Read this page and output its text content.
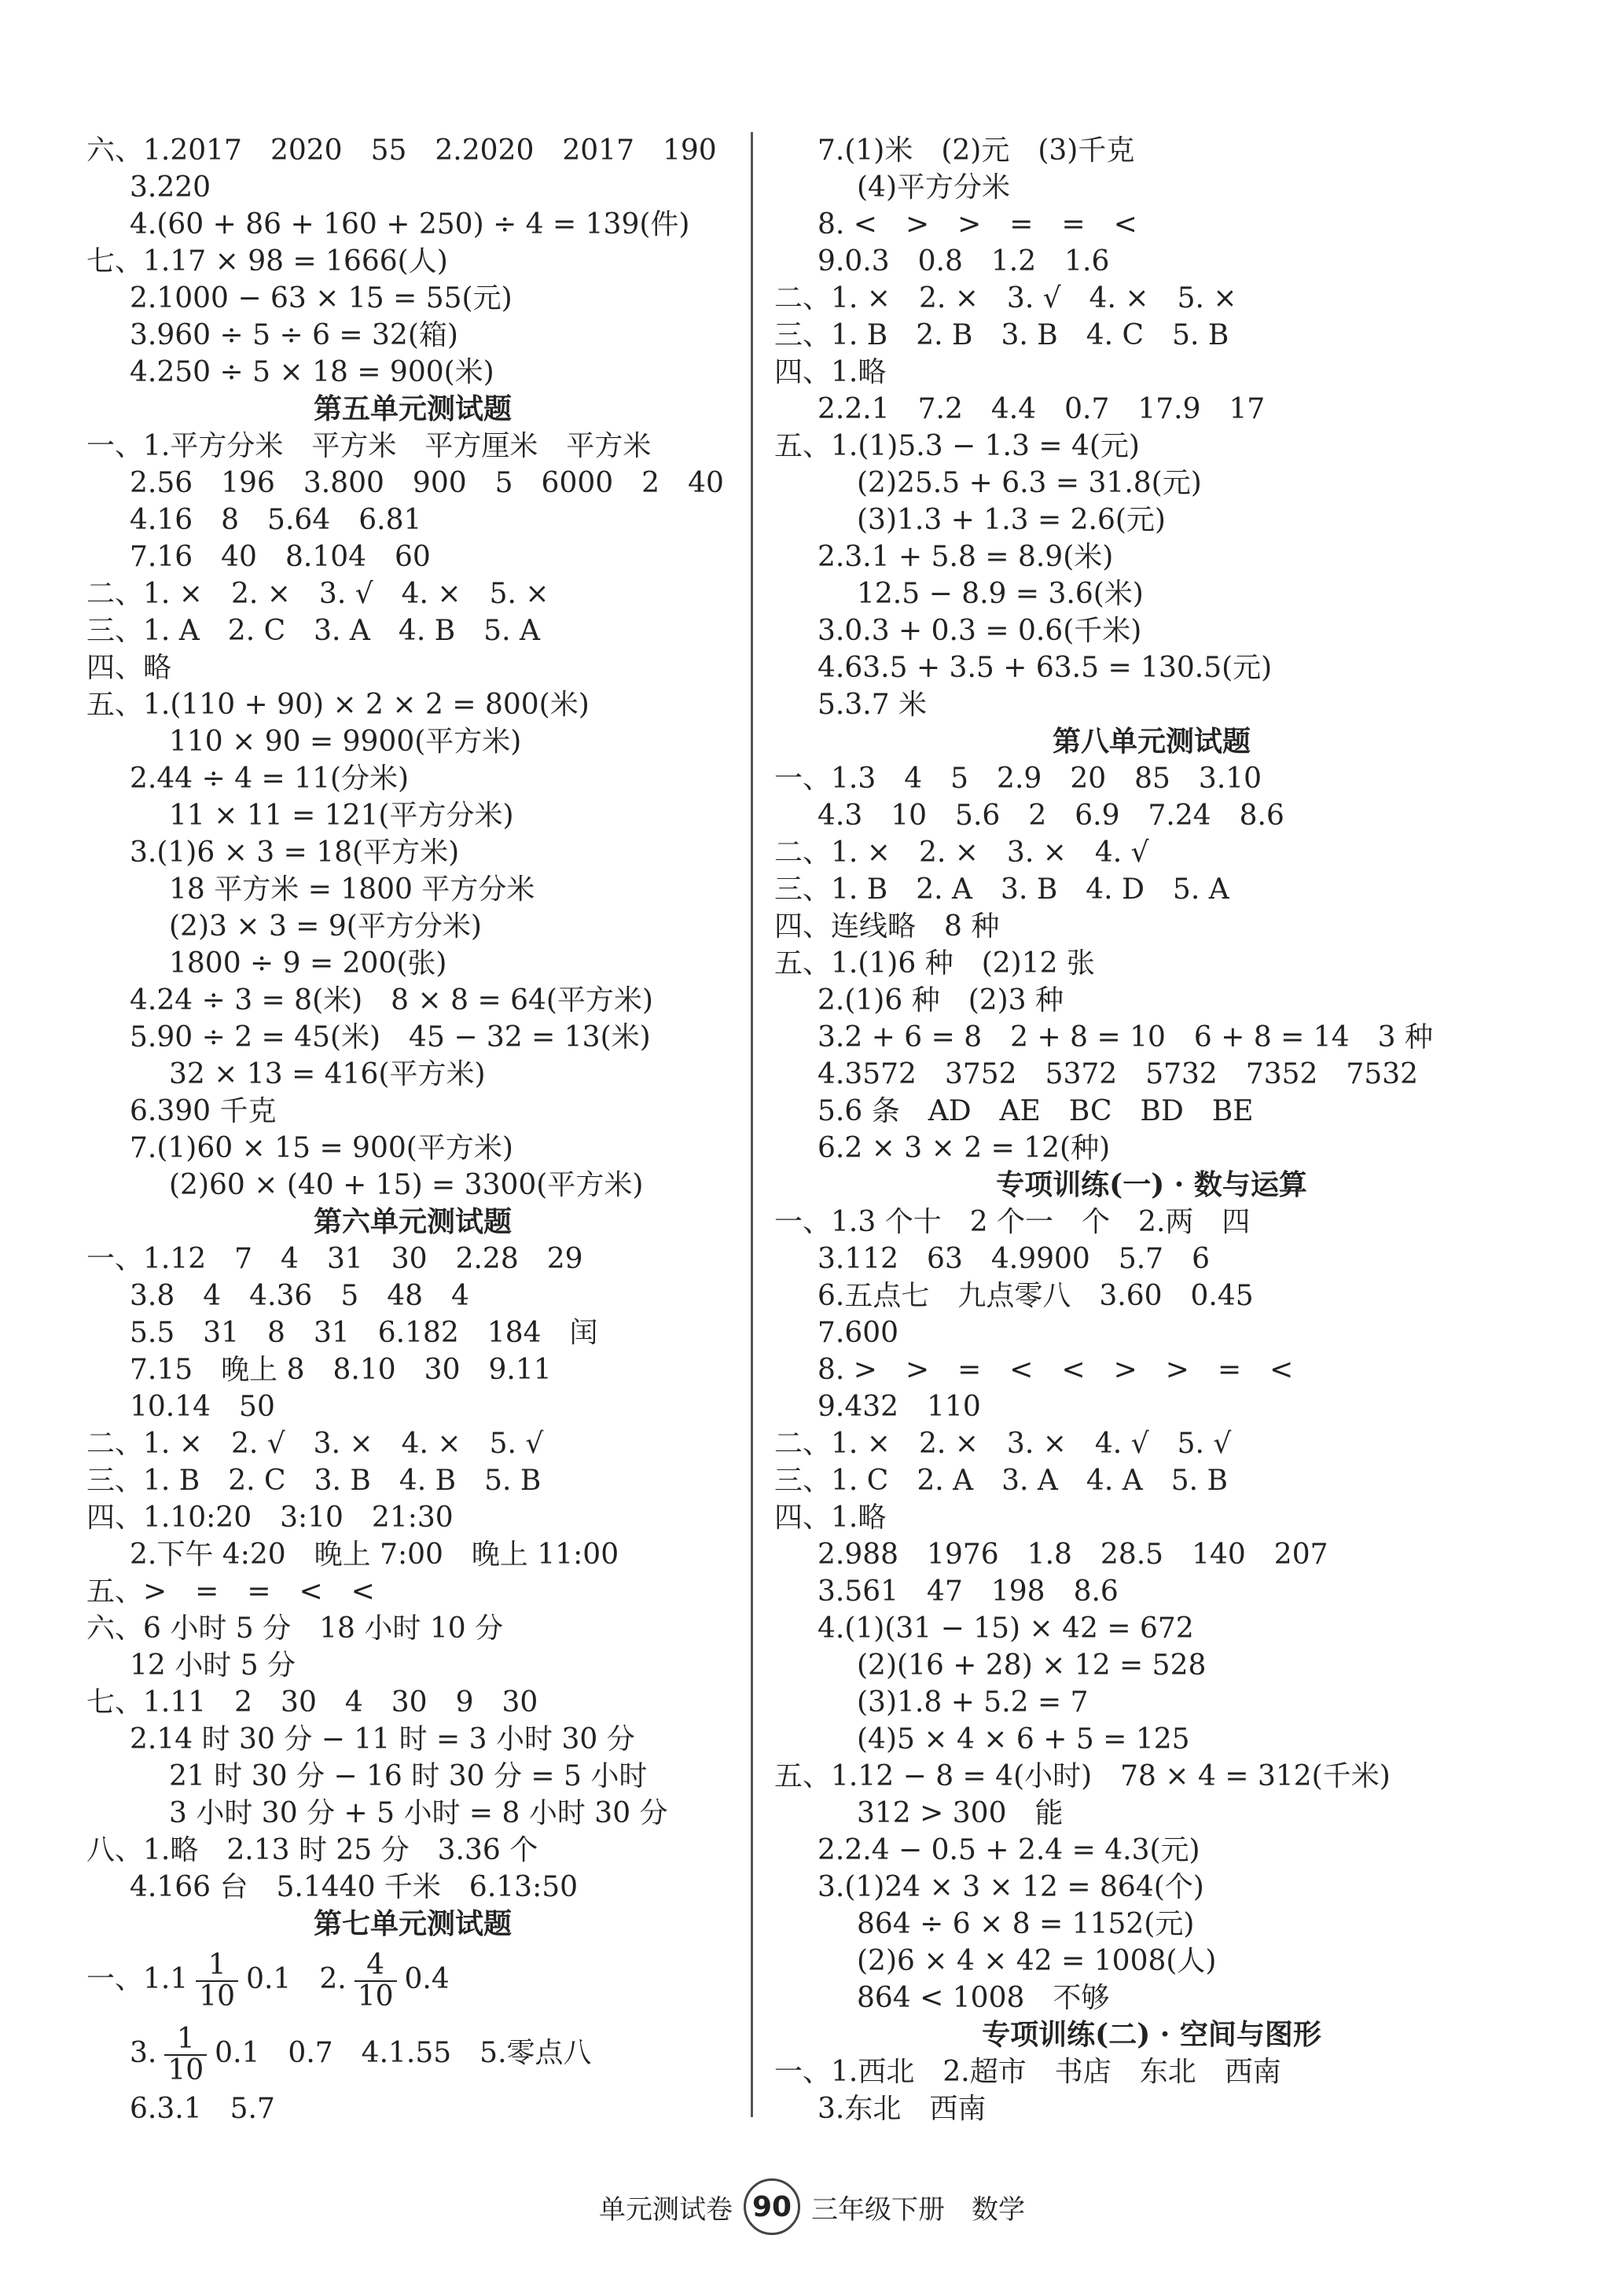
六、1.2017　2020　55　2.2020　2017　190
3.220
4.(60 + 86 + 160 + 250) ÷ 4 = 139(件)
七、1.17 × 98 = 1666(人)
2.1000 − 63 × 15 = 55(元)
3.960 ÷ 5 ÷ 6 = 32(箱)
4.250 ÷ 5 × 18 = 900(米)
第五单元测试题
一、1.平方分米　平方米　平方厘米　平方米
2.56　196　3.800　900　5　6000　2　40
4.16　8　5.64　6.81
7.16　40　8.104　60
二、1. ×　2. ×　3. √　4. ×　5. ×
三、1. A　2. C　3. A　4. B　5. A
四、略
五、1.(110 + 90) × 2 × 2 = 800(米)
110 × 90 = 9900(平方米)
2.44 ÷ 4 = 11(分米)
11 × 11 = 121(平方分米)
3.(1)6 × 3 = 18(平方米)
18 平方米 = 1800 平方分米
(2)3 × 3 = 9(平方分米)
1800 ÷ 9 = 200(张)
4.24 ÷ 3 = 8(米)　8 × 8 = 64(平方米)
5.90 ÷ 2 = 45(米)　45 − 32 = 13(米)
32 × 13 = 416(平方米)
6.390 千克
7.(1)60 × 15 = 900(平方米)
(2)60 × (40 + 15) = 3300(平方米)
第六单元测试题
一、1.12　7　4　31　30　2.28　29
3.8　4　4.36　5　48　4
5.5　31　8　31　6.182　184　闰
7.15　晚上 8　8.10　30　9.11
10.14　50
二、1. ×　2. √　3. ×　4. ×　5. √
三、1. B　2. C　3. B　4. B　5. B
四、1.10:20　3:10　21:30
2.下午 4:20　晚上 7:00　晚上 11:00
五、>　=　=　<　<
六、6 小时 5 分　18 小时 10 分
12 小时 5 分
七、1.11　2　30　4　30　9　30
2.14 时 30 分 − 11 时 = 3 小时 30 分
21 时 30 分 − 16 时 30 分 = 5 小时
3 小时 30 分 + 5 小时 = 8 小时 30 分
八、1.略　2.13 时 25 分　3.36 个
4.166 台　5.1440 千米　6.13:50
第七单元测试题
一、$1.1 \frac{1}{10} 0.1$　2. $\frac{4}{10} 0.4$
3. $\frac{1}{10} 0.1$　0.7　4.1.55　5.零点八
6.3.1　5.7
7.(1)米　(2)元　(3)千克
(4)平方分米
8. <　>　>　=　=　<
9.0.3　0.8　1.2　1.6
二、1. ×　2. ×　3. √　4. ×　5. ×
三、1. B　2. B　3. B　4. C　5. B
四、1.略
2.2.1　7.2　4.4　0.7　17.9　17
五、1.(1)5.3 − 1.3 = 4(元)
(2)25.5 + 6.3 = 31.8(元)
(3)1.3 + 1.3 = 2.6(元)
2.3.1 + 5.8 = 8.9(米)
12.5 − 8.9 = 3.6(米)
3.0.3 + 0.3 = 0.6(千米)
4.63.5 + 3.5 + 63.5 = 130.5(元)
5.3.7 米
第八单元测试题
一、1.3　4　5　2.9　20　85　3.10
4.3　10　5.6　2　6.9　7.24　8.6
二、1. ×　2. ×　3. ×　4. √
三、1. B　2. A　3. B　4. D　5. A
四、连线略　8 种
五、1.(1)6 种　(2)12 张
2.(1)6 种　(2)3 种
3.2 + 6 = 8　2 + 8 = 10　6 + 8 = 14　3 种
4.3572　3752　5372　5732　7352　7532
5.6 条　AD　AE　BC　BD　BE
6.2 × 3 × 2 = 12(种)
专项训练(一) · 数与运算
一、1.3 个十　2 个一　个　2.两　四
3.112　63　4.9900　5.7　6
6.五点七　九点零八　3.60　0.45
7.600
8. >　>　=　<　<　>　>　=　<
9.432　110
二、1. ×　2. ×　3. ×　4. √　5. √
三、1. C　2. A　3. A　4. A　5. B
四、1.略
2.988　1976　1.8　28.5　140　207
3.561　47　198　8.6
4.(1)(31 − 15) × 42 = 672
(2)(16 + 28) × 12 = 528
(3)1.8 + 5.2 = 7
(4)5 × 4 × 6 + 5 = 125
五、1.12 − 8 = 4(小时)　78 × 4 = 312(千米)
312 > 300　能
2.2.4 − 0.5 + 2.4 = 4.3(元)
3.(1)24 × 3 × 12 = 864(个)
864 ÷ 6 × 8 = 1152(元)
(2)6 × 4 × 42 = 1008(人)
864 < 1008　不够
专项训练(二) · 空间与图形
一、1.西北　2.超市　书店　东北　西南
3.东北　西南
单元测试卷 90 三年级下册　数学
